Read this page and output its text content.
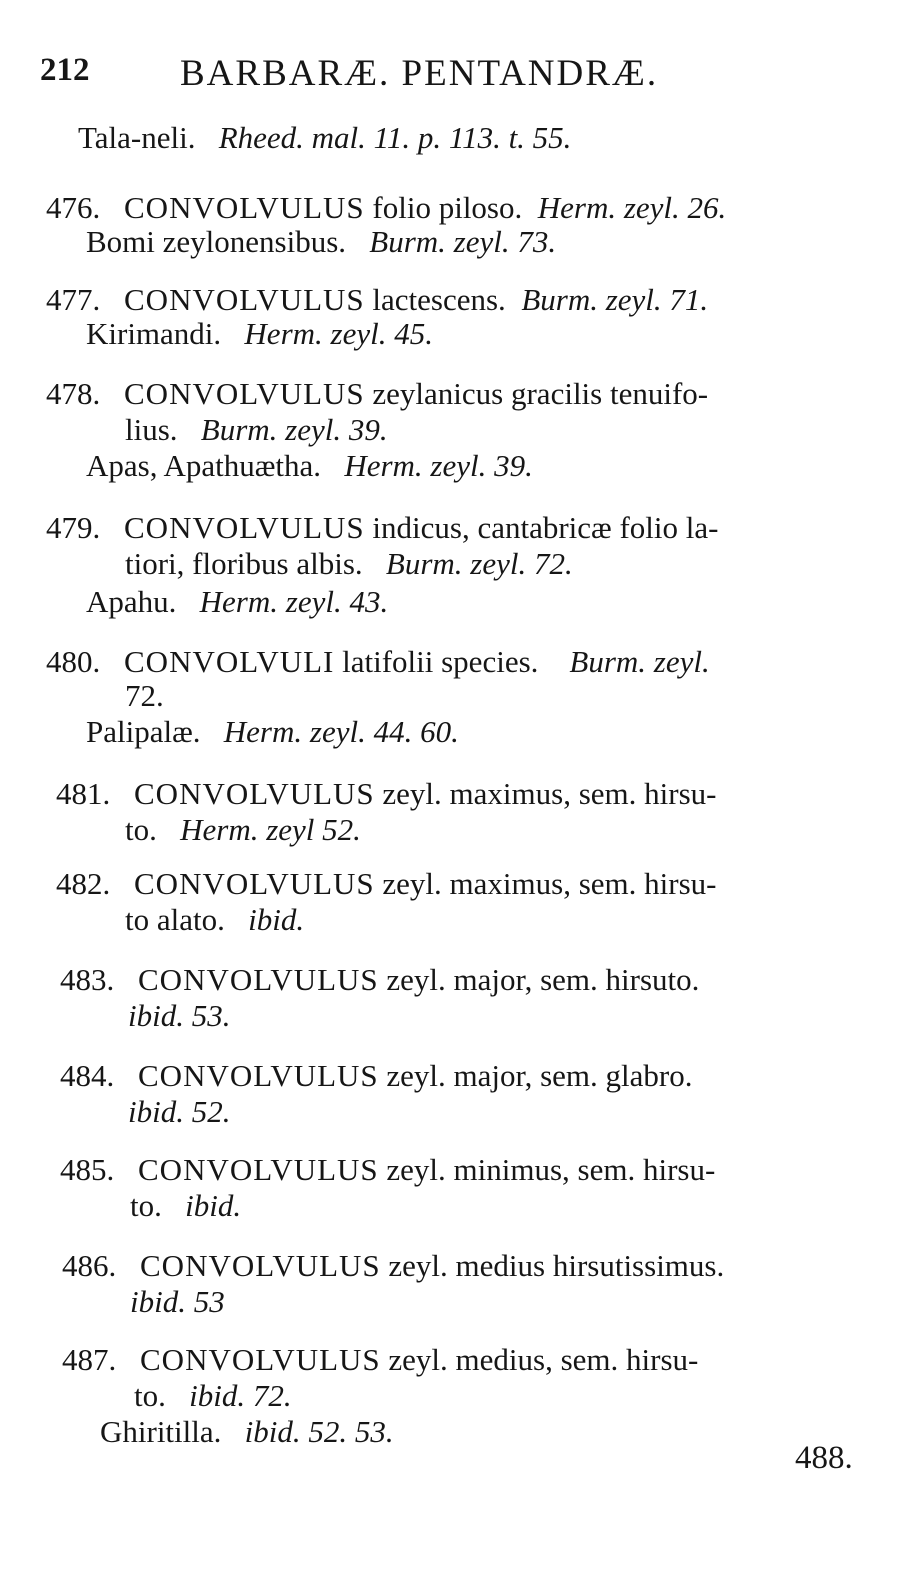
212 BARBARÆ. PENTANDRÆ.
Tala-neli. Rheed. mal. 11. p. 113. t. 55.
476. CONVOLVULUS folio piloso. Herm. zeyl. 26.
Bomi zeylonensibus. Burm. zeyl. 73.
477. CONVOLVULUS lactescens. Burm. zeyl. 71.
Kirimandi. Herm. zeyl. 45.
478. CONVOLVULUS zeylanicus gracilis tenuifo-
lius. Burm. zeyl. 39.
Apas, Apathuætha. Herm. zeyl. 39.
479. CONVOLVULUS indicus, cantabricæ folio la-
tiori, floribus albis. Burm. zeyl. 72.
Apahu. Herm. zeyl. 43.
480. CONVOLVULI latifolii species. Burm. zeyl.
72.
Palipalæ. Herm. zeyl. 44. 60.
481. CONVOLVULUS zeyl. maximus, sem. hirsu-
to. Herm. zeyl 52.
482. CONVOLVULUS zeyl. maximus, sem. hirsu-
to alato. ibid.
483. CONVOLVULUS zeyl. major, sem. hirsuto.
ibid. 53.
484. CONVOLVULUS zeyl. major, sem. glabro.
ibid. 52.
485. CONVOLVULUS zeyl. minimus, sem. hirsu-
to. ibid.
486. CONVOLVULUS zeyl. medius hirsutissimus.
ibid. 53
487. CONVOLVULUS zeyl. medius, sem. hirsu-
to. ibid. 72.
Ghiritilla. ibid. 52. 53.
488.
